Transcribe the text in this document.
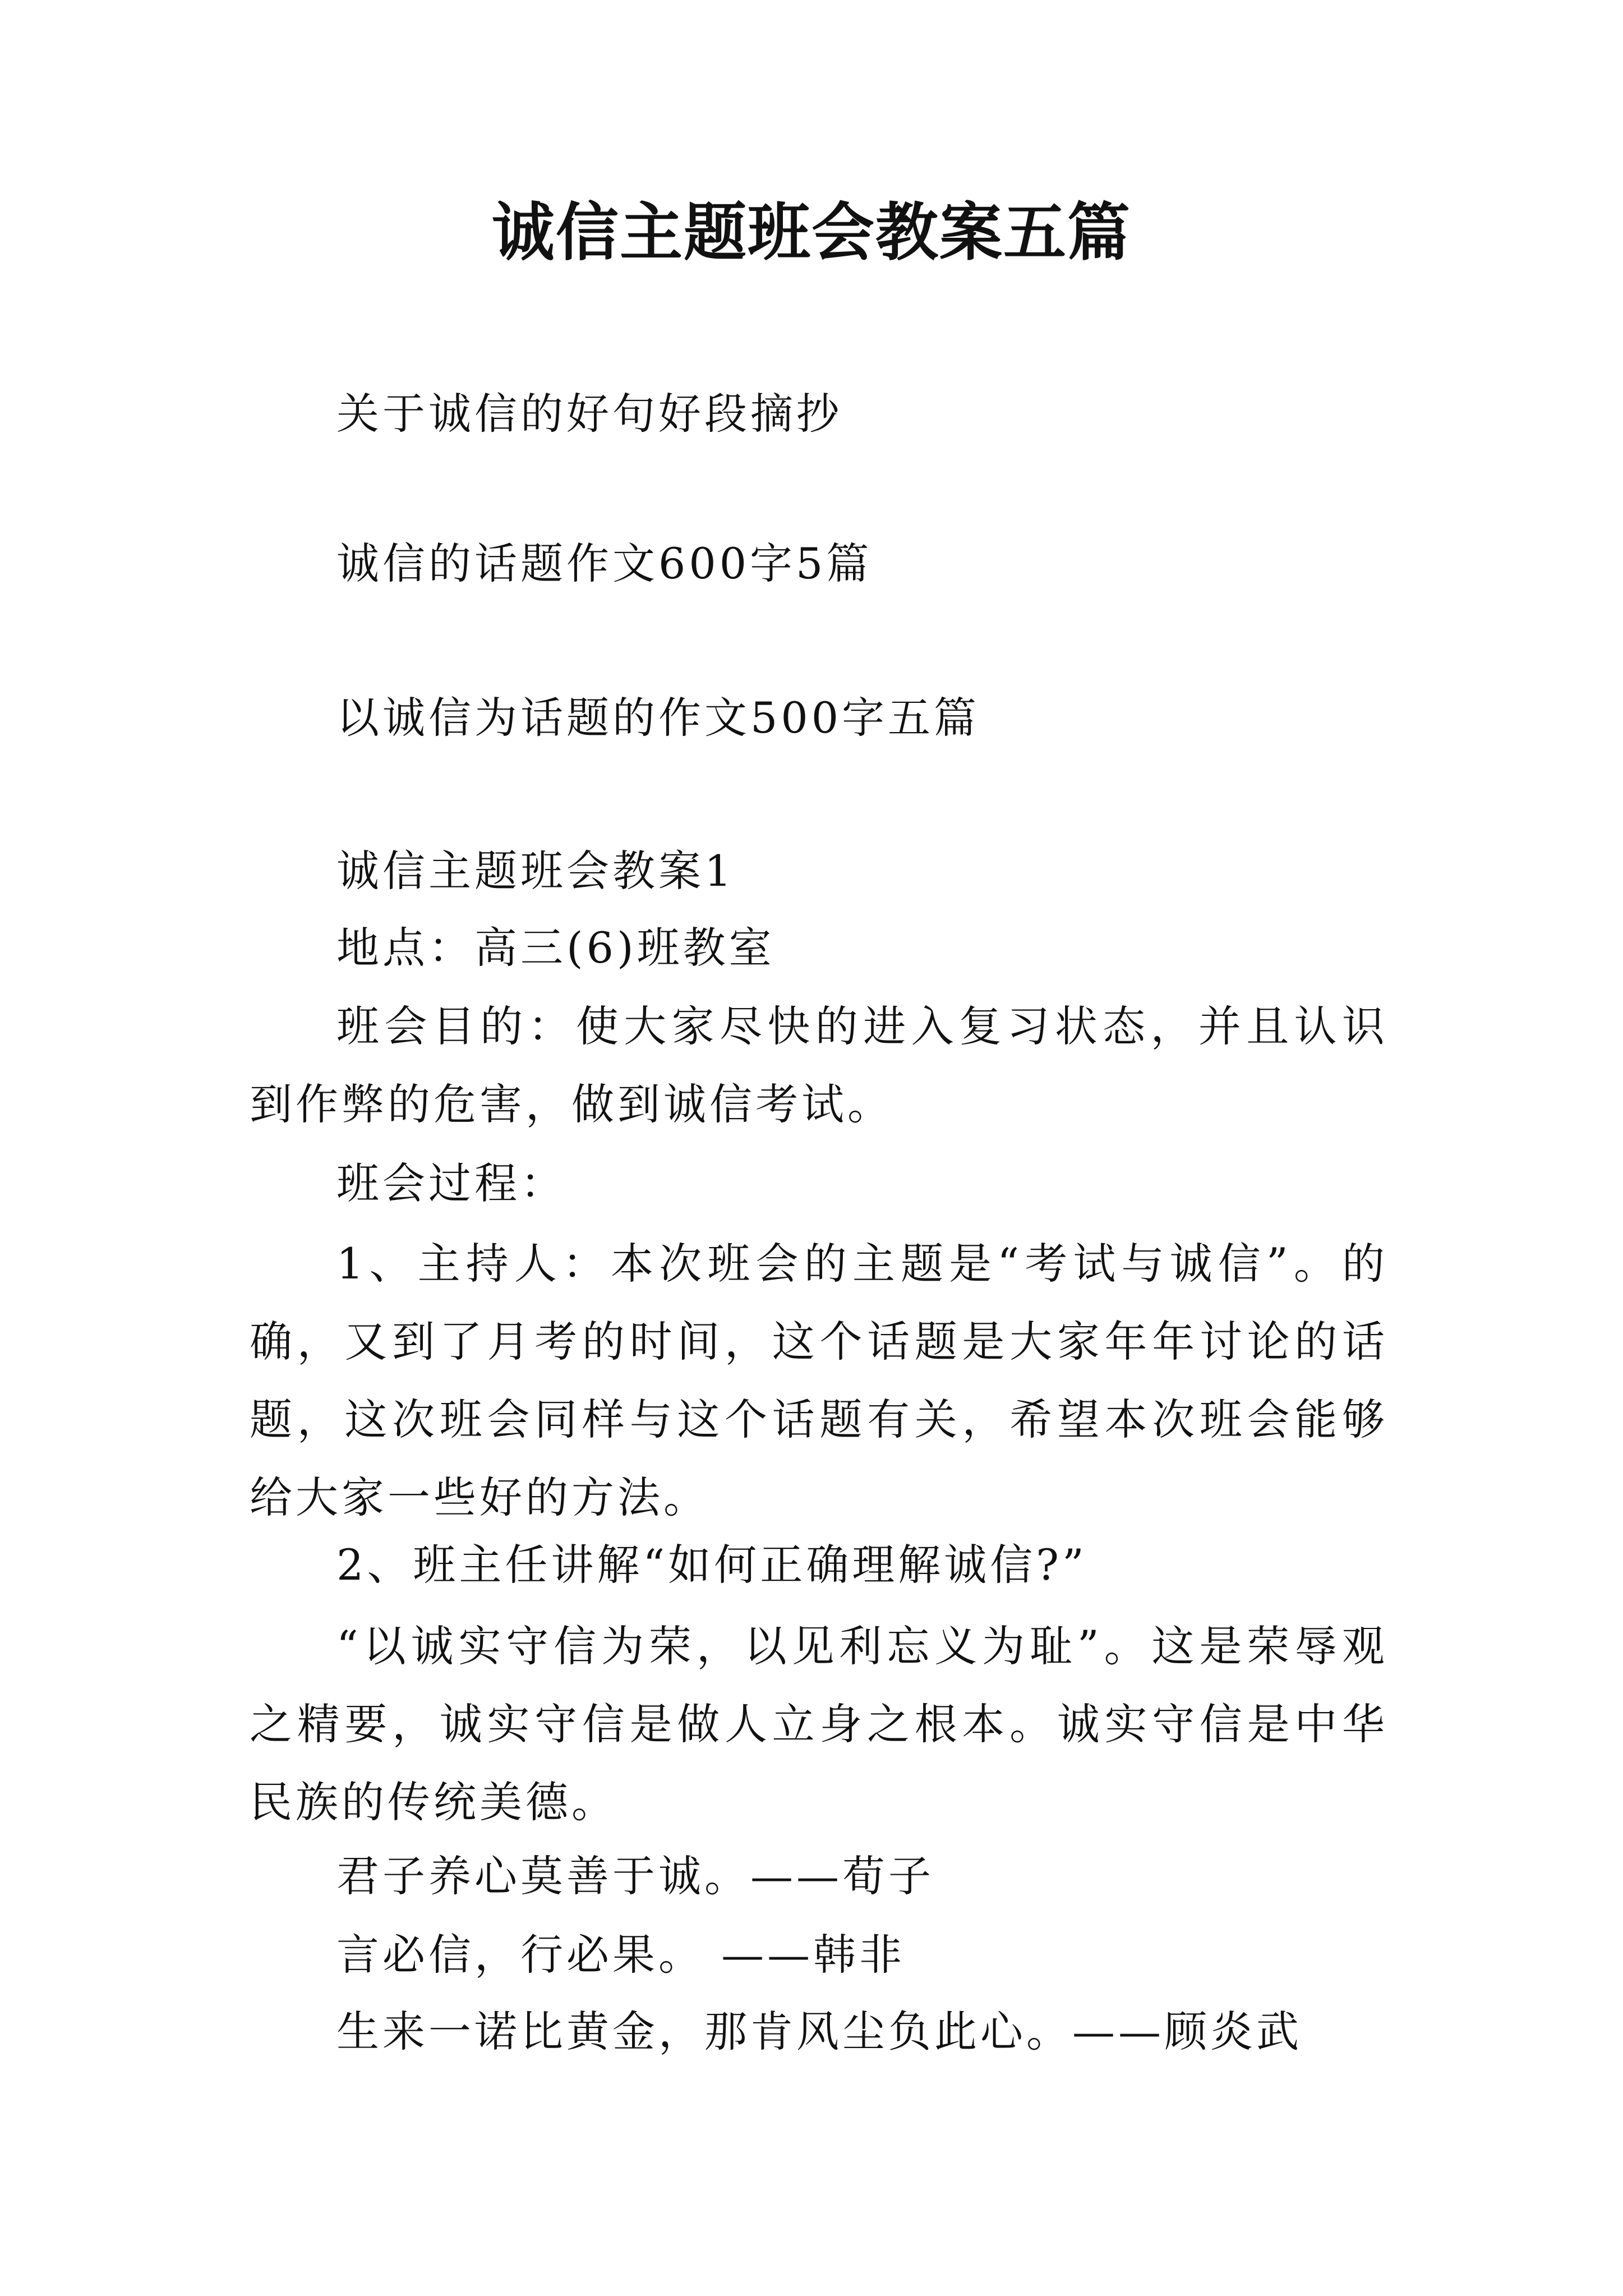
诚信主题班会教案五篇
关于诚信的好句好段摘抄
诚信的话题作文600字5篇
以诚信为话题的作文500字五篇
诚信主题班会教案1
地点：高三(6)班教室
班会目的：使大家尽快的进入复习状态，并且认识到作弊的危害，做到诚信考试。
班会过程：
1、主持人：本次班会的主题是“考试与诚信”。的确，又到了月考的时间，这个话题是大家年年讨论的话题，这次班会同样与这个话题有关，希望本次班会能够给大家一些好的方法。
2、班主任讲解“如何正确理解诚信?”
“以诚实守信为荣，以见利忘义为耻”。这是荣辱观之精要，诚实守信是做人立身之根本。诚实守信是中华民族的传统美德。
君子养心莫善于诚。——荀子
言必信，行必果。 ——韩非
生来一诺比黄金，那肯风尘负此心。——顾炎武
